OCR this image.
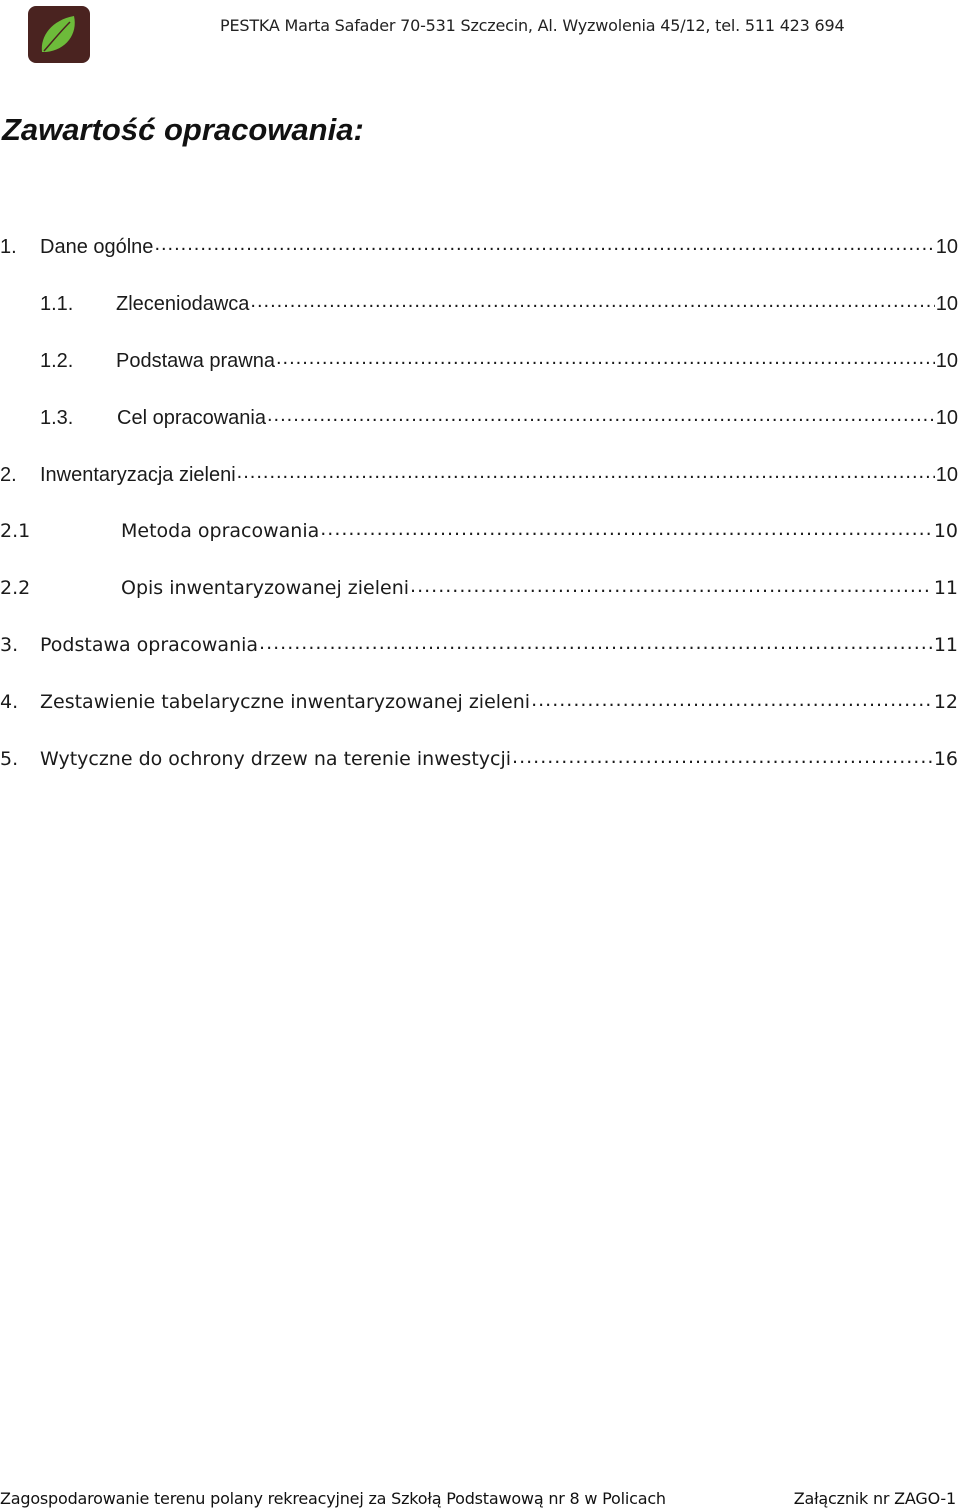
PESTKA Marta Safader 70-531 Szczecin, Al. Wyzwolenia 45/12, tel. 511 423 694
Zawartość opracowania:
1.	Dane ogólne .....	10
1.1.	Zleceniodawca .....	10
1.2.	Podstawa prawna .....	10
1.3.	Cel opracowania .....	10
2.	Inwentaryzacja zieleni .....	10
2.1	Metoda opracowania .....	10
2.2	Opis inwentaryzowanej zieleni .....	11
3.	Podstawa opracowania .....	11
4.	Zestawienie tabelaryczne inwentaryzowanej zieleni .....	12
5.	Wytyczne do ochrony drzew na terenie inwestycji .....	16
Zagospodarowanie terenu polany rekreacyjnej za Szkołą Podstawową nr 8 w Policach	Załącznik nr ZAGO-1
